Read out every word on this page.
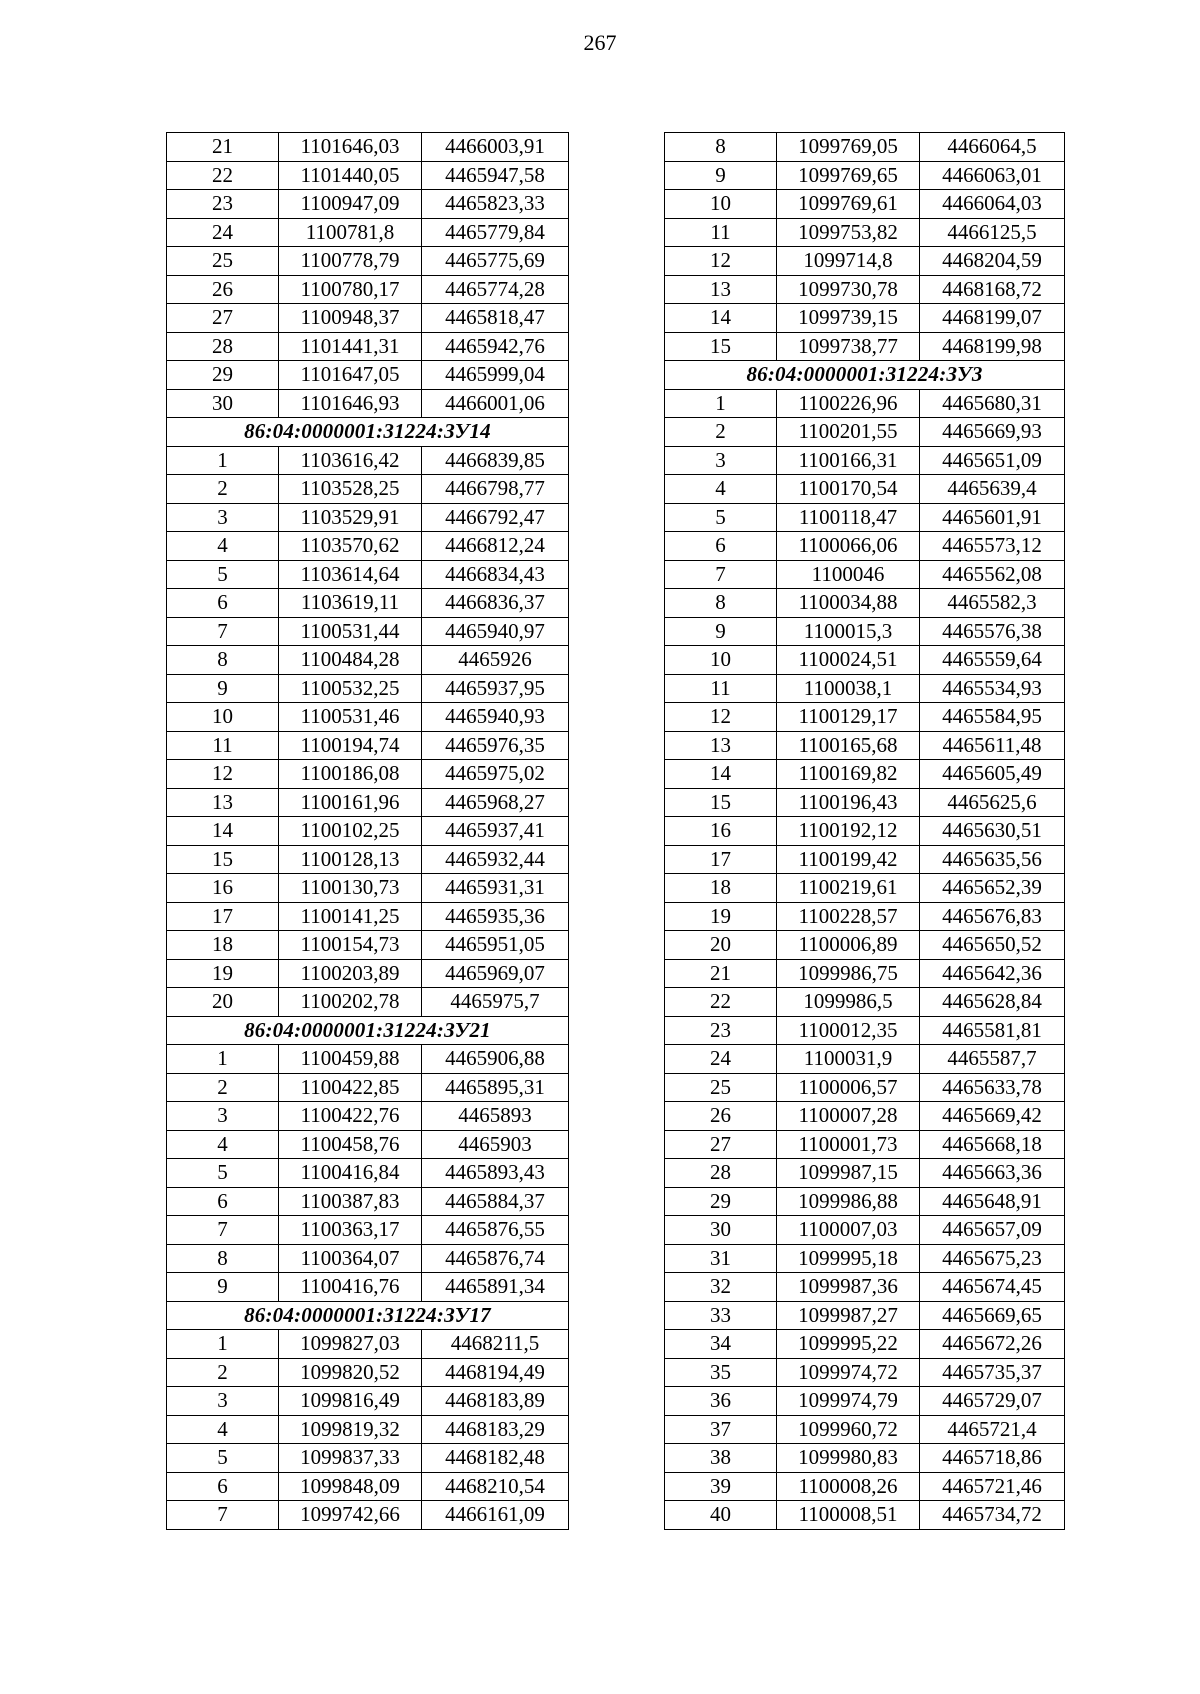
267
21	1101646,03	4466003,91
22	1101440,05	4465947,58
23	1100947,09	4465823,33
24	1100781,8	4465779,84
25	1100778,79	4465775,69
26	1100780,17	4465774,28
27	1100948,37	4465818,47
28	1101441,31	4465942,76
29	1101647,05	4465999,04
30	1101646,93	4466001,06
86:04:0000001:31224:ЗУ14		
1	1103616,42	4466839,85
2	1103528,25	4466798,77
3	1103529,91	4466792,47
4	1103570,62	4466812,24
5	1103614,64	4466834,43
6	1103619,11	4466836,37
7	1100531,44	4465940,97
8	1100484,28	4465926
9	1100532,25	4465937,95
10	1100531,46	4465940,93
11	1100194,74	4465976,35
12	1100186,08	4465975,02
13	1100161,96	4465968,27
14	1100102,25	4465937,41
15	1100128,13	4465932,44
16	1100130,73	4465931,31
17	1100141,25	4465935,36
18	1100154,73	4465951,05
19	1100203,89	4465969,07
20	1100202,78	4465975,7
86:04:0000001:31224:ЗУ21		
1	1100459,88	4465906,88
2	1100422,85	4465895,31
3	1100422,76	4465893
4	1100458,76	4465903
5	1100416,84	4465893,43
6	1100387,83	4465884,37
7	1100363,17	4465876,55
8	1100364,07	4465876,74
9	1100416,76	4465891,34
86:04:0000001:31224:ЗУ17		
1	1099827,03	4468211,5
2	1099820,52	4468194,49
3	1099816,49	4468183,89
4	1099819,32	4468183,29
5	1099837,33	4468182,48
6	1099848,09	4468210,54
7	1099742,66	4466161,09
8	1099769,05	4466064,5
9	1099769,65	4466063,01
10	1099769,61	4466064,03
11	1099753,82	4466125,5
12	1099714,8	4468204,59
13	1099730,78	4468168,72
14	1099739,15	4468199,07
15	1099738,77	4468199,98
86:04:0000001:31224:ЗУ3		
1	1100226,96	4465680,31
2	1100201,55	4465669,93
3	1100166,31	4465651,09
4	1100170,54	4465639,4
5	1100118,47	4465601,91
6	1100066,06	4465573,12
7	1100046	4465562,08
8	1100034,88	4465582,3
9	1100015,3	4465576,38
10	1100024,51	4465559,64
11	1100038,1	4465534,93
12	1100129,17	4465584,95
13	1100165,68	4465611,48
14	1100169,82	4465605,49
15	1100196,43	4465625,6
16	1100192,12	4465630,51
17	1100199,42	4465635,56
18	1100219,61	4465652,39
19	1100228,57	4465676,83
20	1100006,89	4465650,52
21	1099986,75	4465642,36
22	1099986,5	4465628,84
23	1100012,35	4465581,81
24	1100031,9	4465587,7
25	1100006,57	4465633,78
26	1100007,28	4465669,42
27	1100001,73	4465668,18
28	1099987,15	4465663,36
29	1099986,88	4465648,91
30	1100007,03	4465657,09
31	1099995,18	4465675,23
32	1099987,36	4465674,45
33	1099987,27	4465669,65
34	1099995,22	4465672,26
35	1099974,72	4465735,37
36	1099974,79	4465729,07
37	1099960,72	4465721,4
38	1099980,83	4465718,86
39	1100008,26	4465721,46
40	1100008,51	4465734,72
